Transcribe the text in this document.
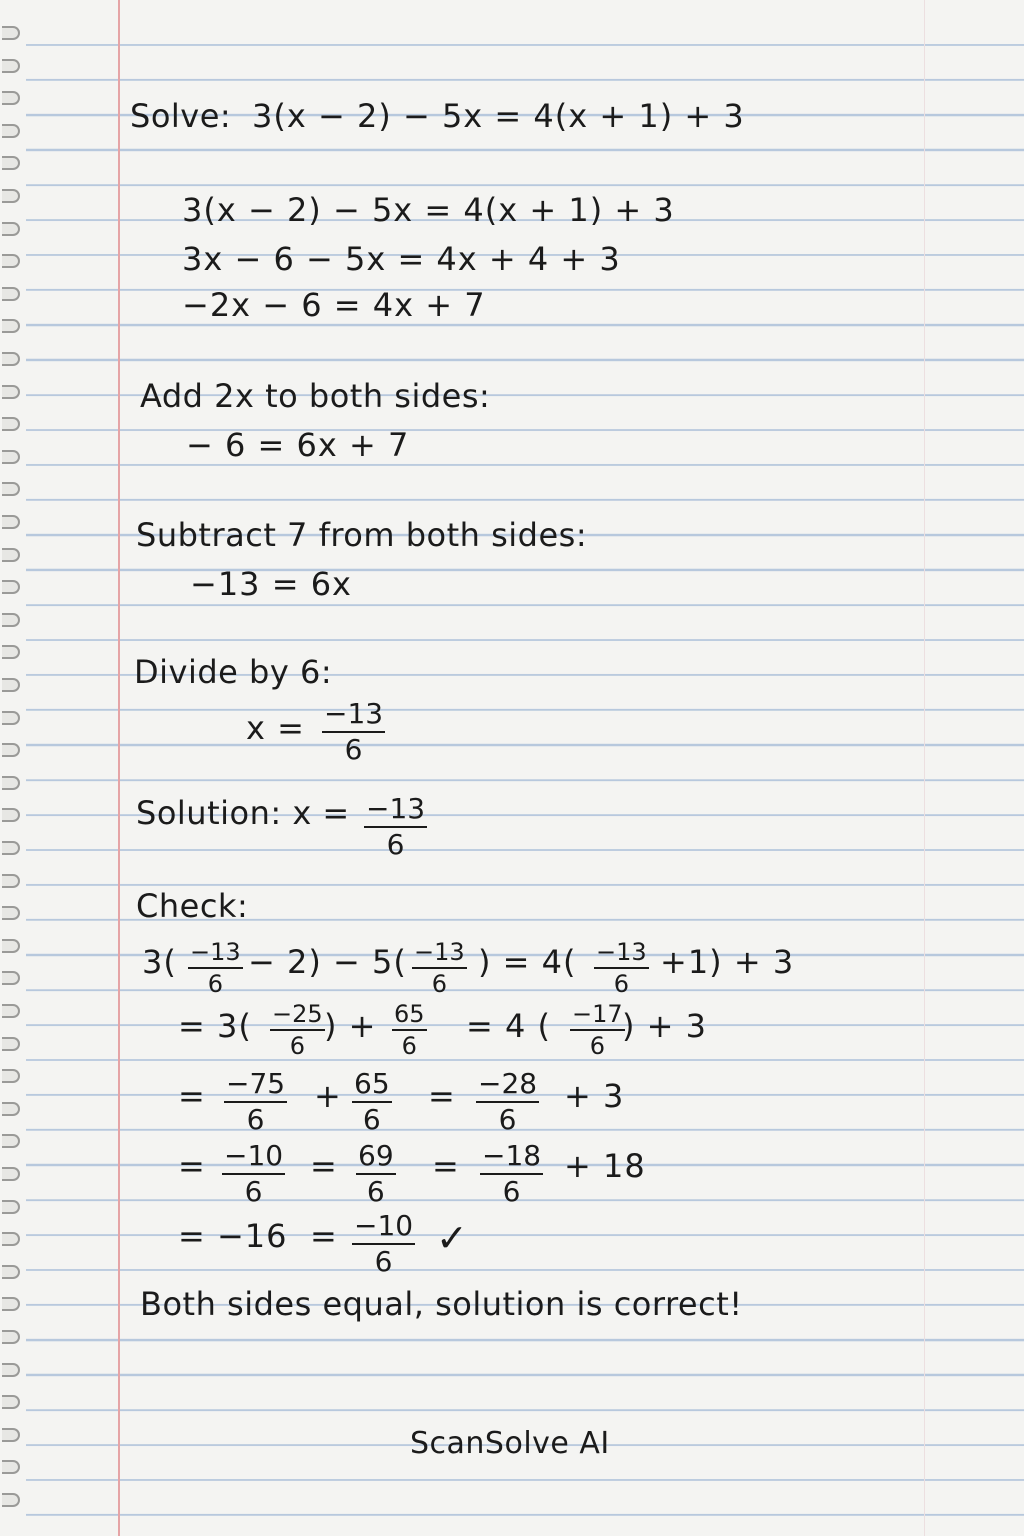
Solve: 3(x − 2) − 5x = 4(x + 1) + 3

3(x − 2) − 5x = 4(x + 1) + 3

3x − 6 − 5x = 4x + 4 + 3

−2x − 6 = 4x + 7

Add 2x to both sides:

− 6 = 6x + 7

Subtract 7 from both sides:

−13 = 6x

Divide by 6:

$x = \frac{-13}{6}$

Solution: $x = \frac{-13}{6}$

Check:

$3( \frac{-13}{6} - 2) - 5( \frac{-13}{6}$ ) = $4( \frac{-13}{6} +1) + 3$

= $3( \frac{-25}{6}$ ) + $\frac{65}{6} = 4$ ( $\frac{-17}{6}$

) + 3

= $\frac{-75}{6} + \frac{65}{6} = \frac{-28}{6} + 3$

= $\frac{-10}{6} = \frac{69}{6} = \frac{-18}{6} + 18$

= $-16 = \frac{-10}{6}$ ✓

Both sides equal, solution is correct!

ScanSolve AI
